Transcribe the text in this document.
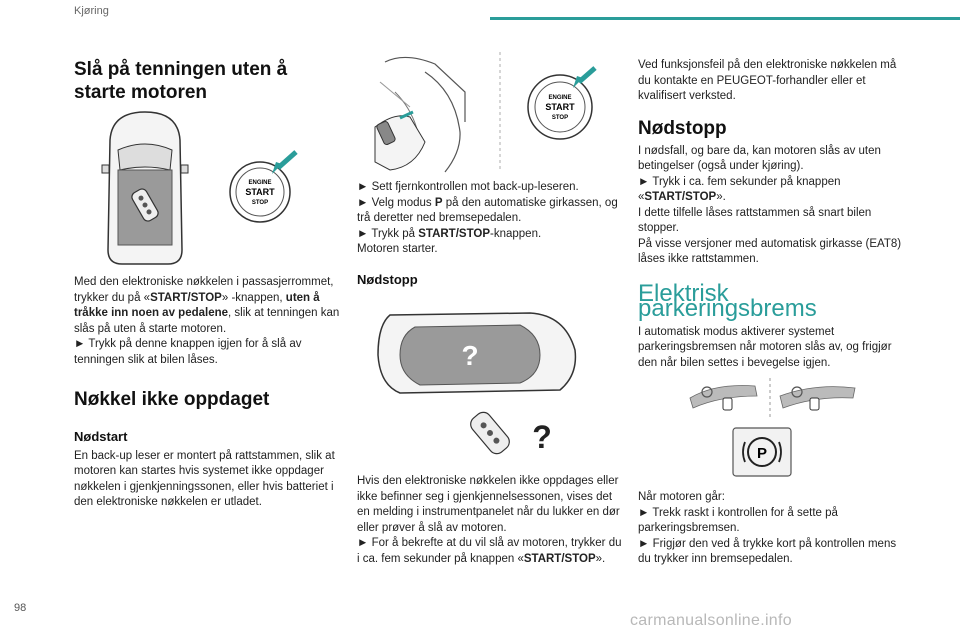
Kjøring
Slå på tenningen uten å starte motoren
ENGINE
START
STOP

Med den elektroniske nøkkelen i passasjerrommet, trykker du på «START/STOP» -knappen, uten å tråkke inn noen av pedalene, slik at tenningen kan slås på uten å starte motoren.

► Trykk på denne knappen igjen for å slå av tenningen slik at bilen låses.

Nøkkel ikke oppdaget
Nødstart

En back-up leser er montert på rattstammen, slik at motoren kan startes hvis systemet ikke oppdager nøkkelen i gjenkjenningssonen, eller hvis batteriet i den elektroniske nøkkelen er utladet.

ENGINE
START
STOP

► Sett fjernkontrollen mot back-up-leseren.

► Velg modus P på den automatiske girkassen, og trå deretter ned bremsepedalen.

► Trykk på START/STOP-knappen.

Motoren starter.

Nødstopp
?
?

Hvis den elektroniske nøkkelen ikke oppdages eller ikke befinner seg i gjenkjennelsessonen, vises det en melding i instrumentpanelet når du lukker en dør eller prøver å slå av motoren.

► For å bekrefte at du vil slå av motoren, trykker du i ca. fem sekunder på knappen «START/STOP».

Ved funksjonsfeil på den elektroniske nøkkelen må du kontakte en PEUGEOT-forhandler eller et kvalifisert verksted.

Nødstopp

I nødsfall, og bare da, kan motoren slås av uten betingelser (også under kjøring).

► Trykk i ca. fem sekunder på knappen «START/STOP».

I dette tilfelle låses rattstammen så snart bilen stopper.

På visse versjoner med automatisk girkasse (EAT8) låses ikke rattstammen.

Elektrisk parkeringsbrems

I automatisk modus aktiverer systemet parkeringsbremsen når motoren slås av, og frigjør den når bilen settes i bevegelse igjen.

P

Når motoren går:

► Trekk raskt i kontrollen for å sette på parkeringsbremsen.

► Frigjør den ved å trykke kort på kontrollen mens du trykker inn bremsepedalen.

98
carmanualsonline.info
